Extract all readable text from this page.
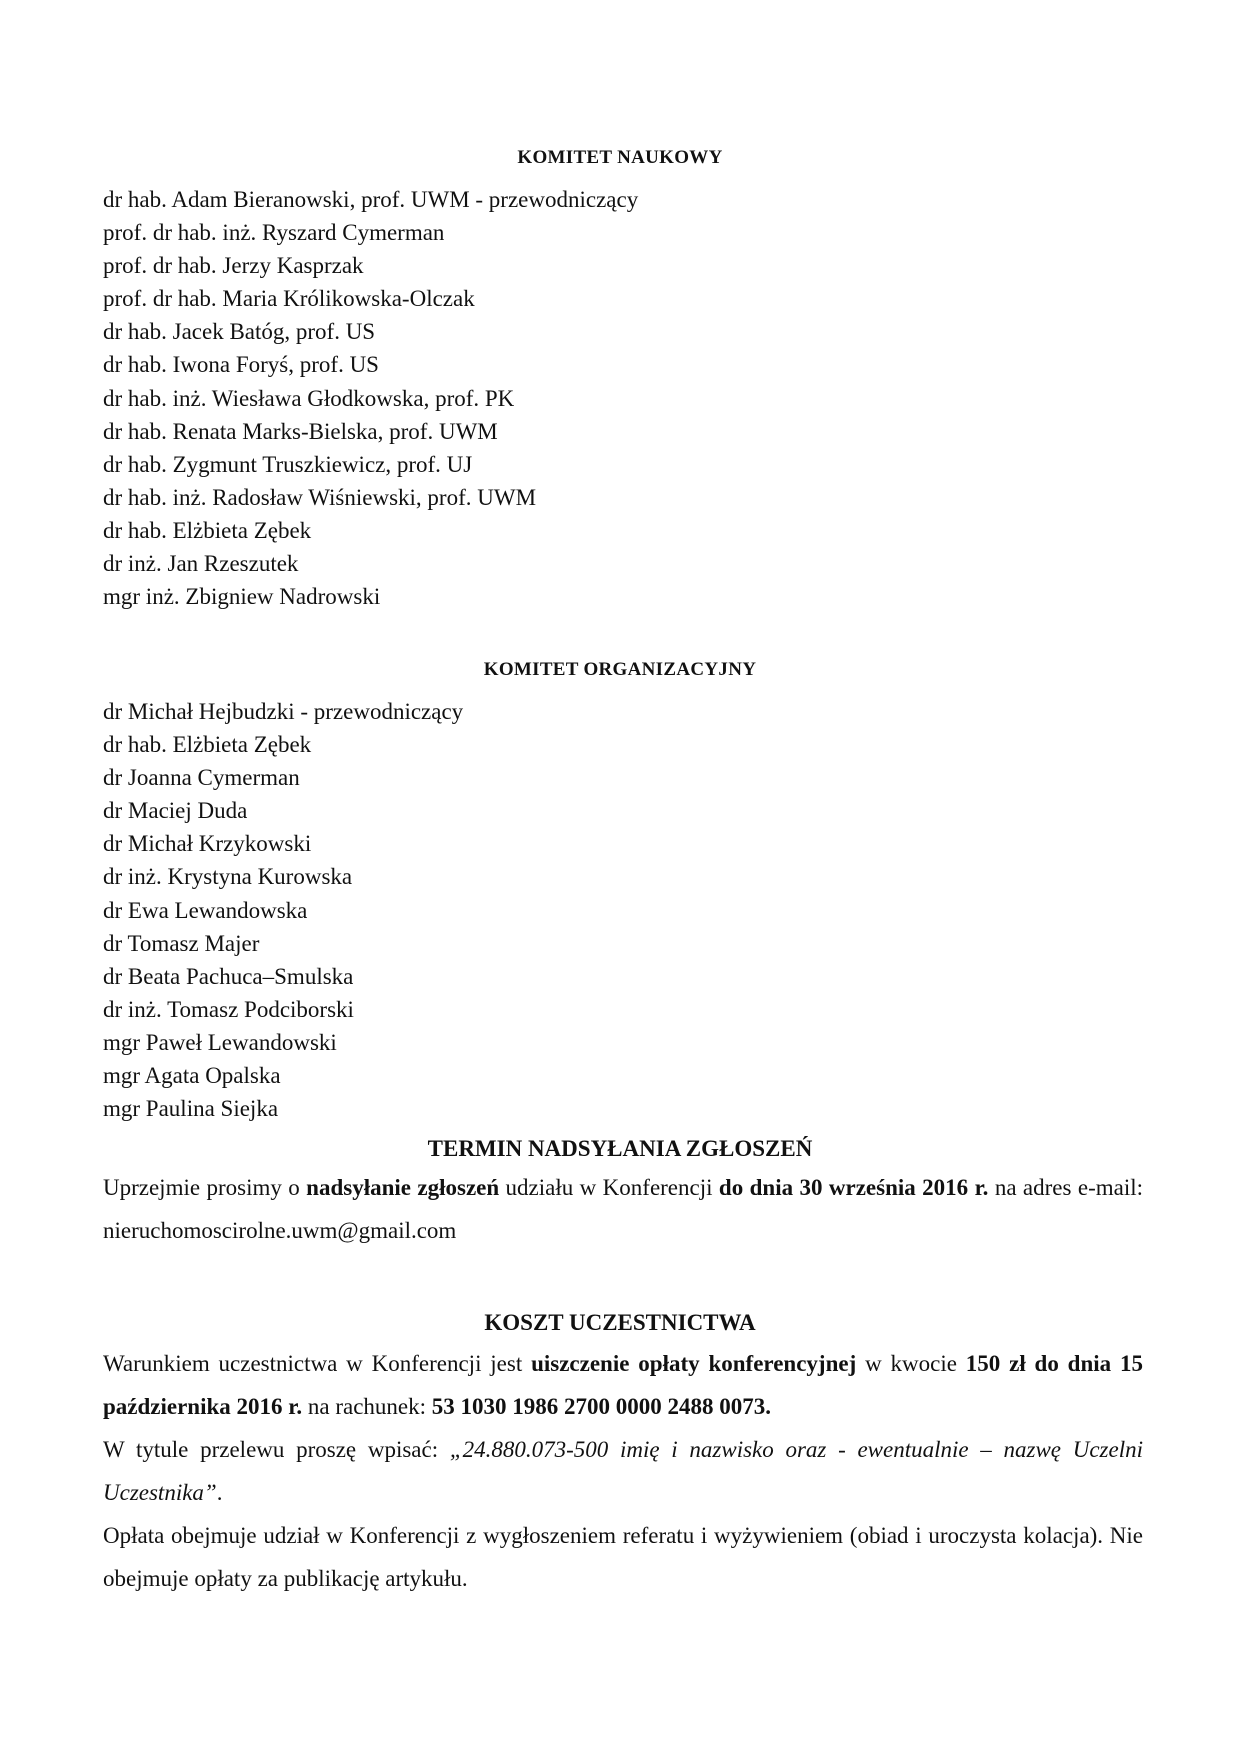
KOMITET NAUKOWY
dr hab. Adam Bieranowski, prof. UWM - przewodniczący
prof. dr hab. inż. Ryszard Cymerman
prof. dr hab. Jerzy Kasprzak
prof. dr hab. Maria Królikowska-Olczak
dr hab. Jacek Batóg, prof. US
dr hab. Iwona Foryś, prof. US
dr hab. inż. Wiesława Głodkowska, prof. PK
dr hab. Renata Marks-Bielska, prof. UWM
dr hab. Zygmunt Truszkiewicz, prof. UJ
dr hab. inż. Radosław Wiśniewski, prof. UWM
dr hab. Elżbieta Zębek
dr inż. Jan Rzeszutek
mgr inż. Zbigniew Nadrowski
KOMITET ORGANIZACYJNY
dr Michał Hejbudzki - przewodniczący
dr hab. Elżbieta Zębek
dr Joanna Cymerman
dr Maciej Duda
dr Michał Krzykowski
dr inż. Krystyna Kurowska
dr Ewa Lewandowska
dr Tomasz Majer
dr Beata Pachuca–Smulska
dr inż. Tomasz Podciborski
mgr Paweł Lewandowski
mgr Agata Opalska
mgr Paulina Siejka
TERMIN NADSYŁANIA ZGŁOSZEŃ

Uprzejmie prosimy o nadsyłanie zgłoszeń udziału w Konferencji do dnia 30 września 2016 r. na adres e-mail: nieruchomoscirolne.uwm@gmail.com

KOSZT UCZESTNICTWA

Warunkiem uczestnictwa w Konferencji jest uiszczenie opłaty konferencyjnej w kwocie 150 zł do dnia 15 października 2016 r. na rachunek: 53 1030 1986 2700 0000 2488 0073.

W tytule przelewu proszę wpisać: „24.880.073-500 imię i nazwisko oraz - ewentualnie – nazwę Uczelni Uczestnika”.

Opłata obejmuje udział w Konferencji z wygłoszeniem referatu i wyżywieniem (obiad i uroczysta kolacja). Nie obejmuje opłaty za publikację artykułu.
